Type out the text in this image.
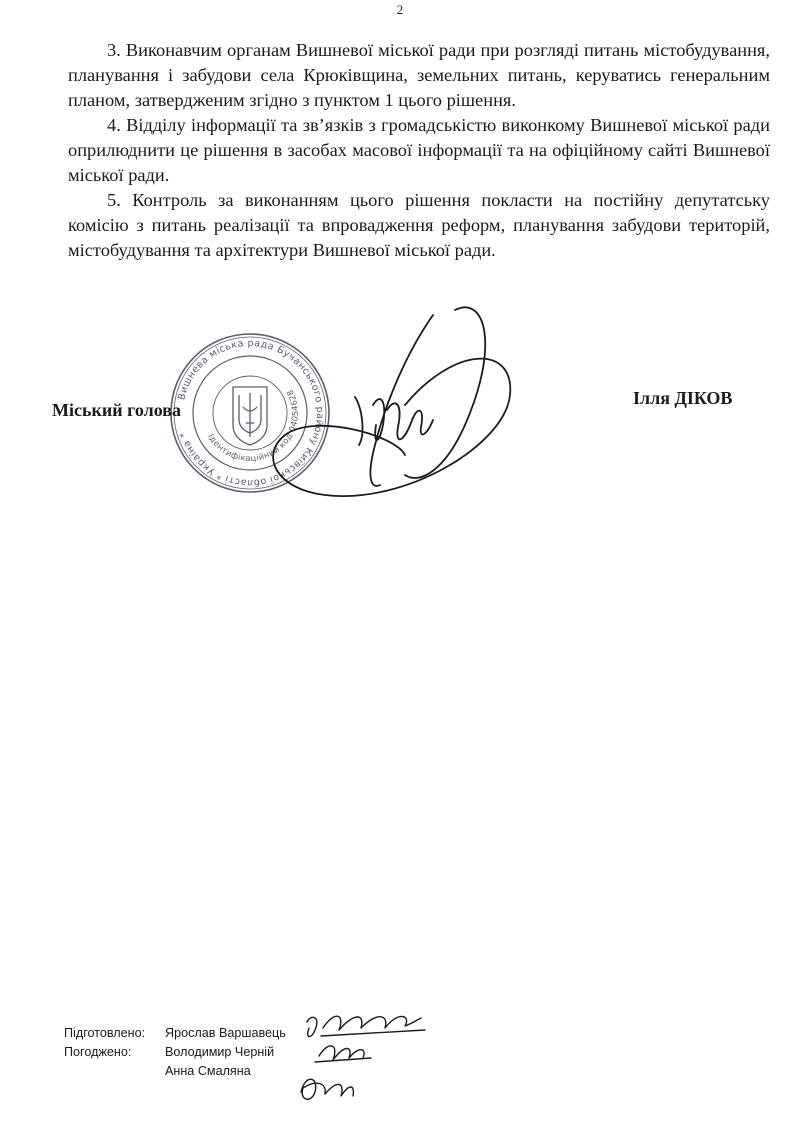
2

3. Виконавчим органам Вишневої міської ради при розгляді питань містобудування, планування і забудови села Крюківщина, земельних питань, керуватись генеральним планом, затвердженим згідно з пунктом 1 цього рішення.

4. Відділу інформації та зв’язків з громадськістю виконкому Вишневої міської ради оприлюднити це рішення в засобах масової інформації та на офіційному сайті Вишневої міської ради.

5. Контроль за виконанням цього рішення покласти на постійну депутатську комісію з питань реалізації та впровадження реформ, планування забудови територій, містобудування та архітектури Вишневої міської ради.

Вишнева міська рада Бучанського району Київської області * Україна *	Ідентифікаційний код 04054628
Міський голова
Ілля ДІКОВ
Підготовлено:	Ярослав Варшавець
Погоджено:	Володимир Черній
Анна Смаляна
